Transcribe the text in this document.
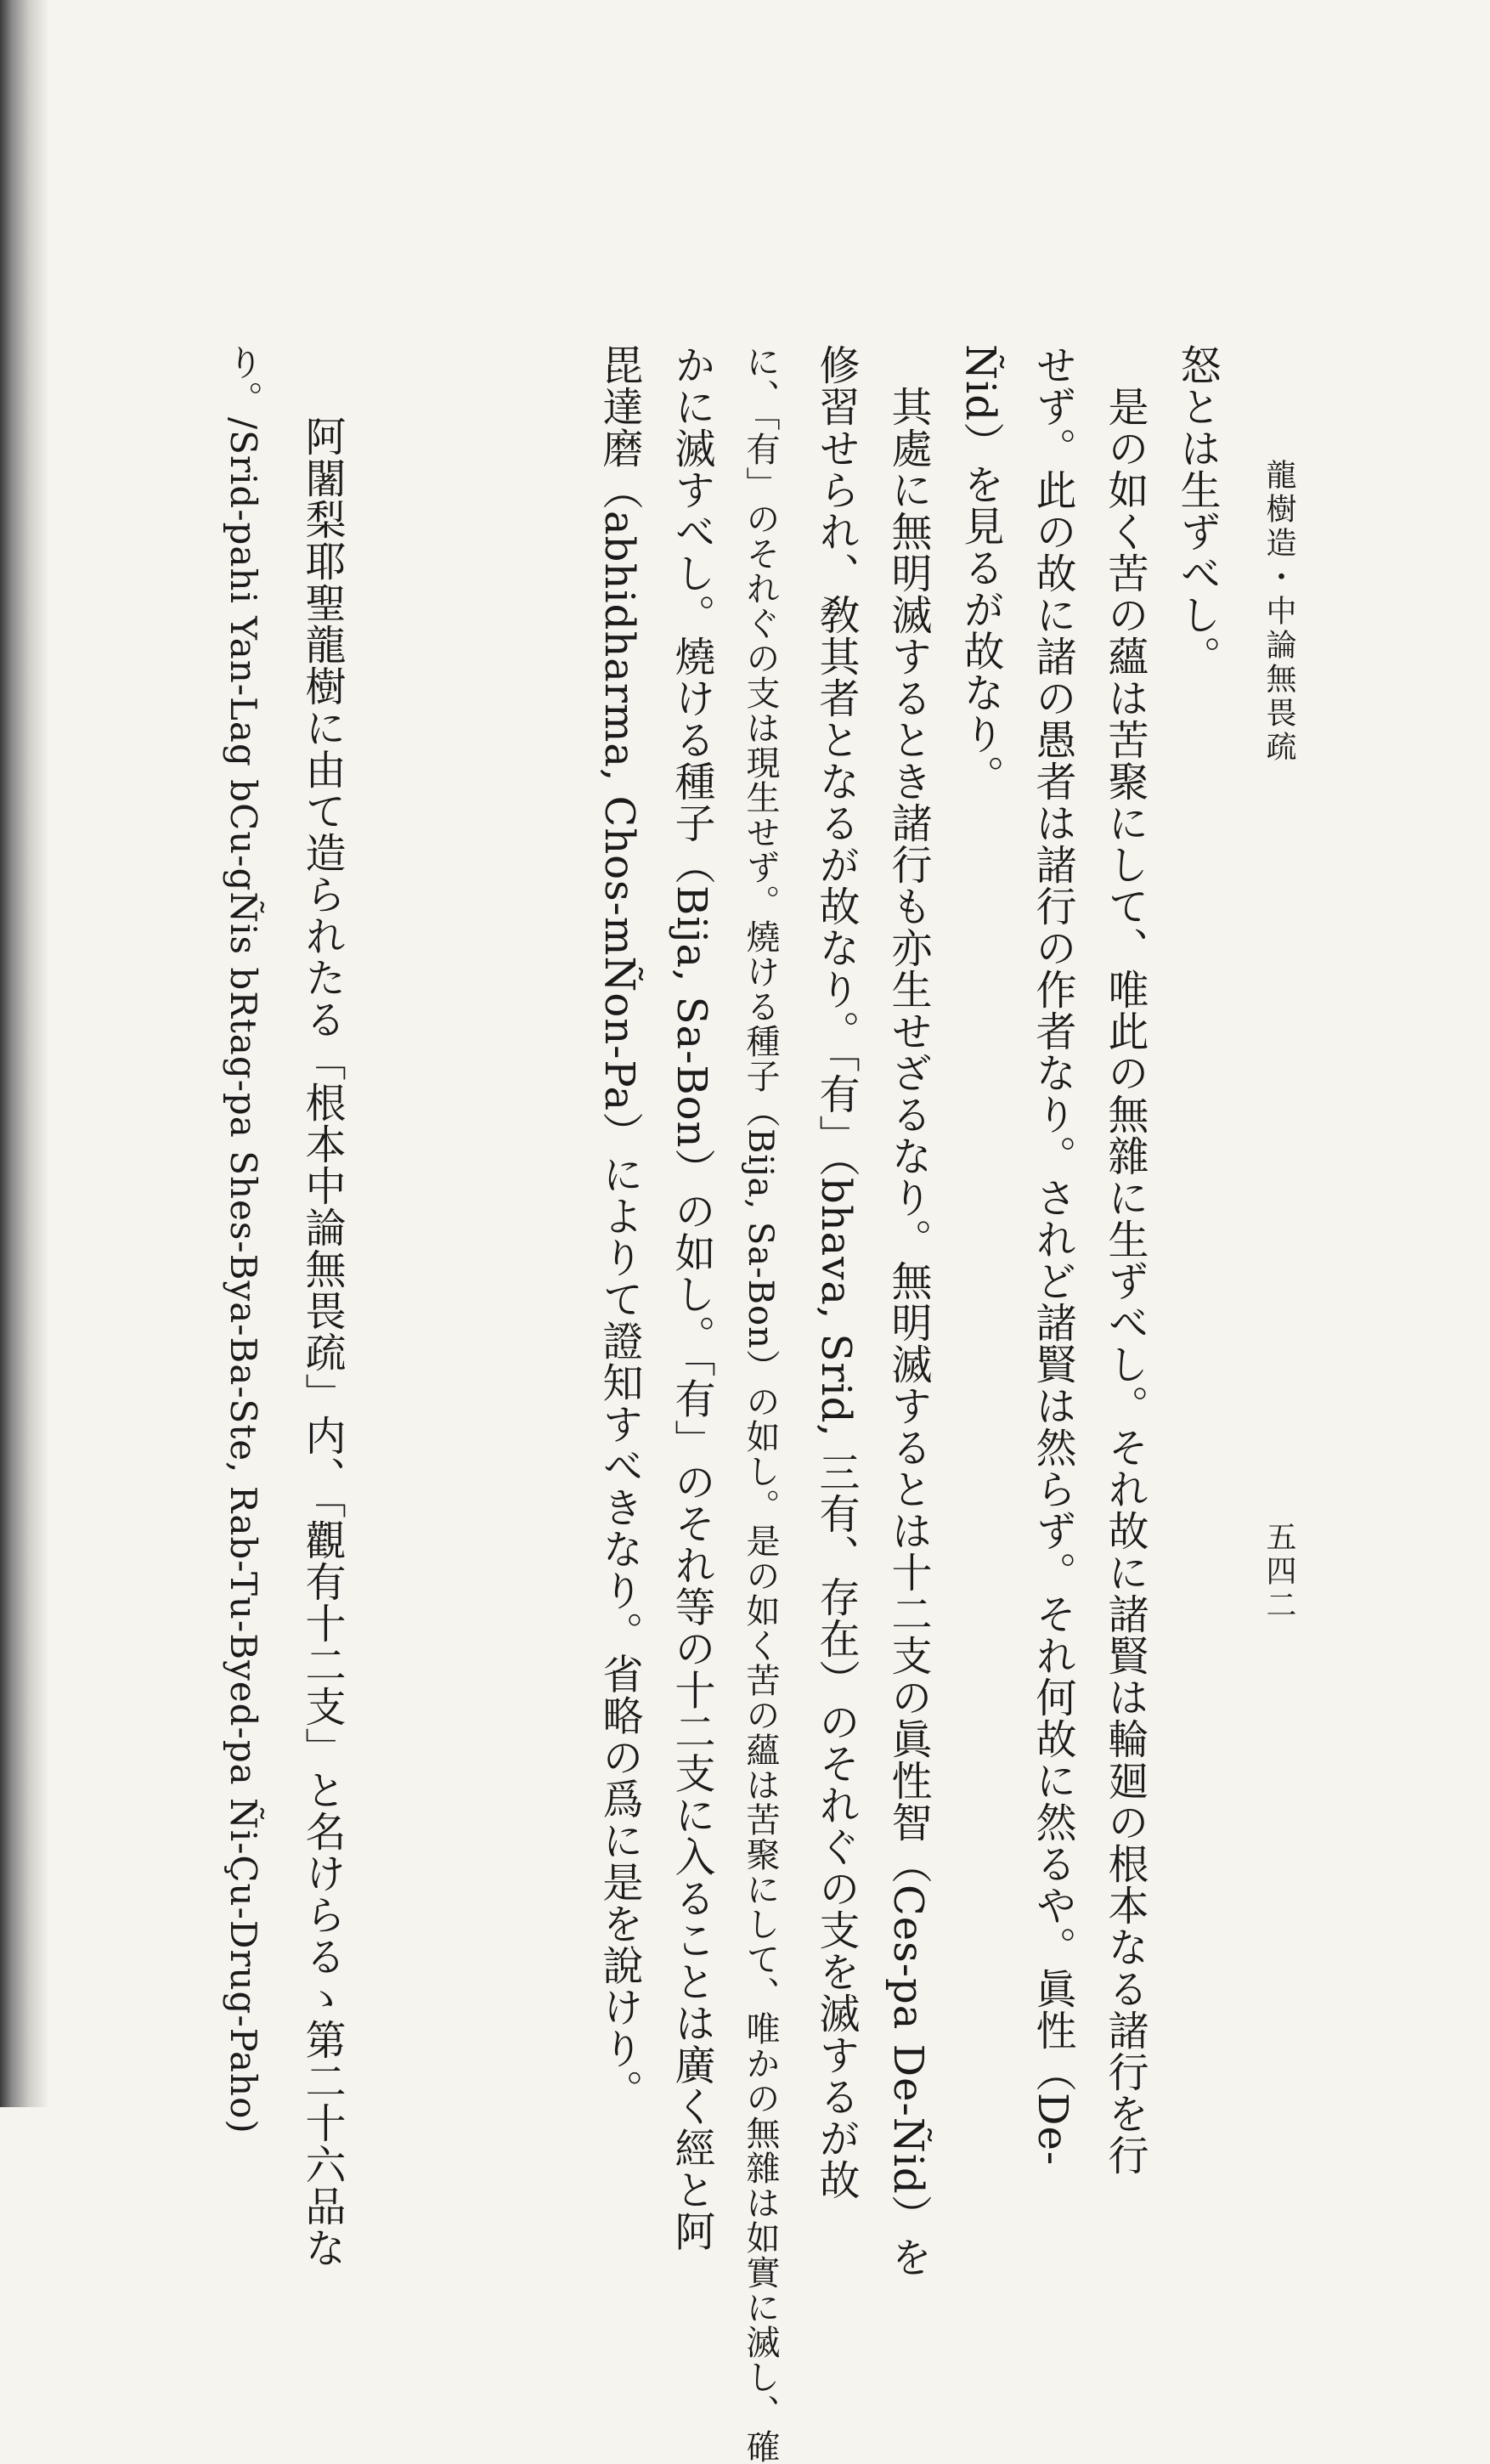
龍樹造・中論無畏疏
五四二
怒とは生ずべし。
　是の如く苦の蘊は苦聚にして、唯此の無雜に生ずべし。それ故に諸賢は輪廻の根本なる諸行を行
せず。此の故に諸の愚者は諸行の作者なり。されど諸賢は然らず。それ何故に然るや。眞性（De-
Ñid）を見るが故なり。
　其處に無明滅するとき諸行も亦生せざるなり。無明滅するとは十二支の眞性智（Ces-pa De-Ñid）を
修習せられ、敎其者となるが故なり。「有」（bhava, Srid, 三有、存在）のそれぐの支を滅するが故
に、「有」のそれぐの支は現生せず。燒ける種子（Bija, Sa-Bon）の如し。是の如く苦の蘊は苦聚にして、唯かの無雜は如實に滅し、確
かに滅すべし。燒ける種子（Bija, Sa-Bon）の如し。「有」のそれ等の十二支に入ることは廣く經と阿
毘達磨（abhidharma, Chos-mÑon-Pa）によりて證知すべきなり。省略の爲に是を說けり。
　阿闍梨耶聖龍樹に由て造られたる「根本中論無畏疏」内、「觀有十二支」と名けらるゝ第二十六品な
り。/Srid-pahi Yan-Lag bCu-gÑis bRtag-pa Shes-Bya-Ba-Ste, Rab-Tu-Byed-pa Ñi-Çu-Drug-Paho)
